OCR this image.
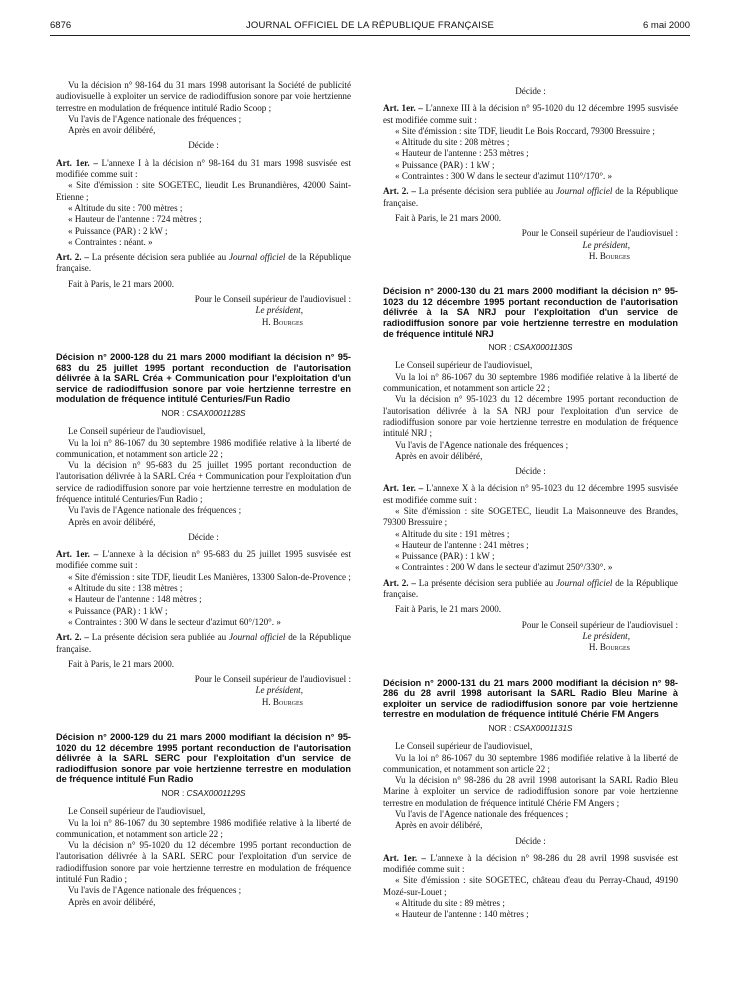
6876	JOURNAL OFFICIEL DE LA RÉPUBLIQUE FRANÇAISE	6 mai 2000

Vu la décision n° 98-164 du 31 mars 1998 autorisant la Société de publicité audiovisuelle à exploiter un service de radiodiffusion sonore par voie hertzienne terrestre en modulation de fréquence intitulé Radio Scoop ;

Vu l'avis de l'Agence nationale des fréquences ;

Après en avoir délibéré,

Décide :

Art. 1er. – L'annexe I à la décision n° 98-164 du 31 mars 1998 susvisée est modifiée comme suit :

« Site d'émission : site SOGETEC, lieudit Les Brunandières, 42000 Saint-Etienne ;

« Altitude du site : 700 mètres ;

« Hauteur de l'antenne : 724 mètres ;

« Puissance (PAR) : 2 kW ;

« Contraintes : néant. »

Art. 2. – La présente décision sera publiée au Journal officiel de la République française.

Fait à Paris, le 21 mars 2000.

Pour le Conseil supérieur de l'audiovisuel :

Le président,

H. Bourges

Décision n° 2000-128 du 21 mars 2000 modifiant la décision n° 95-683 du 25 juillet 1995 portant reconduction de l'autorisation délivrée à la SARL Créa + Communication pour l'exploitation d'un service de radiodiffusion sonore par voie hertzienne terrestre en modulation de fréquence intitulé Centuries/Fun Radio

NOR : CSAX0001128S

Le Conseil supérieur de l'audiovisuel,

Vu la loi n° 86-1067 du 30 septembre 1986 modifiée relative à la liberté de communication, et notamment son article 22 ;

Vu la décision n° 95-683 du 25 juillet 1995 portant reconduction de l'autorisation délivrée à la SARL Créa + Communication pour l'exploitation d'un service de radiodiffusion sonore par voie hertzienne terrestre en modulation de fréquence intitulé Centuries/Fun Radio ;

Vu l'avis de l'Agence nationale des fréquences ;

Après en avoir délibéré,

Décide :

Art. 1er. – L'annexe à la décision n° 95-683 du 25 juillet 1995 susvisée est modifiée comme suit :

« Site d'émission : site TDF, lieudit Les Manières, 13300 Salon-de-Provence ;

« Altitude du site : 138 mètres ;

« Hauteur de l'antenne : 148 mètres ;

« Puissance (PAR) : 1 kW ;

« Contraintes : 300 W dans le secteur d'azimut 60°/120°. »

Art. 2. – La présente décision sera publiée au Journal officiel de la République française.

Fait à Paris, le 21 mars 2000.

Pour le Conseil supérieur de l'audiovisuel :

Le président,

H. Bourges

Décision n° 2000-129 du 21 mars 2000 modifiant la décision n° 95-1020 du 12 décembre 1995 portant reconduction de l'autorisation délivrée à la SARL SERC pour l'exploitation d'un service de radiodiffusion sonore par voie hertzienne terrestre en modulation de fréquence intitulé Fun Radio

NOR : CSAX0001129S

Le Conseil supérieur de l'audiovisuel,

Vu la loi n° 86-1067 du 30 septembre 1986 modifiée relative à la liberté de communication, et notamment son article 22 ;

Vu la décision n° 95-1020 du 12 décembre 1995 portant reconduction de l'autorisation délivrée à la SARL SERC pour l'exploitation d'un service de radiodiffusion sonore par voie hertzienne terrestre en modulation de fréquence intitulé Fun Radio ;

Vu l'avis de l'Agence nationale des fréquences ;

Après en avoir délibéré,

Décide :

Art. 1er. – L'annexe III à la décision n° 95-1020 du 12 décembre 1995 susvisée est modifiée comme suit :

« Site d'émission : site TDF, lieudit Le Bois Roccard, 79300 Bressuire ;

« Altitude du site : 208 mètres ;

« Hauteur de l'antenne : 253 mètres ;

« Puissance (PAR) : 1 kW ;

« Contraintes : 300 W dans le secteur d'azimut 110°/170°. »

Art. 2. – La présente décision sera publiée au Journal officiel de la République française.

Fait à Paris, le 21 mars 2000.

Pour le Conseil supérieur de l'audiovisuel :

Le président,

H. Bourges

Décision n° 2000-130 du 21 mars 2000 modifiant la décision n° 95-1023 du 12 décembre 1995 portant reconduction de l'autorisation délivrée à la SA NRJ pour l'exploitation d'un service de radiodiffusion sonore par voie hertzienne terrestre en modulation de fréquence intitulé NRJ

NOR : CSAX0001130S

Le Conseil supérieur de l'audiovisuel,

Vu la loi n° 86-1067 du 30 septembre 1986 modifiée relative à la liberté de communication, et notamment son article 22 ;

Vu la décision n° 95-1023 du 12 décembre 1995 portant reconduction de l'autorisation délivrée à la SA NRJ pour l'exploitation d'un service de radiodiffusion sonore par voie hertzienne terrestre en modulation de fréquence intitulé NRJ ;

Vu l'avis de l'Agence nationale des fréquences ;

Après en avoir délibéré,

Décide :

Art. 1er. – L'annexe X à la décision n° 95-1023 du 12 décembre 1995 susvisée est modifiée comme suit :

« Site d'émission : site SOGETEC, lieudit La Maisonneuve des Brandes, 79300 Bressuire ;

« Altitude du site : 191 mètres ;

« Hauteur de l'antenne : 241 mètres ;

« Puissance (PAR) : 1 kW ;

« Contraintes : 200 W dans le secteur d'azimut 250°/330°. »

Art. 2. – La présente décision sera publiée au Journal officiel de la République française.

Fait à Paris, le 21 mars 2000.

Pour le Conseil supérieur de l'audiovisuel :

Le président,

H. Bourges

Décision n° 2000-131 du 21 mars 2000 modifiant la décision n° 98-286 du 28 avril 1998 autorisant la SARL Radio Bleu Marine à exploiter un service de radiodiffusion sonore par voie hertzienne terrestre en modulation de fréquence intitulé Chérie FM Angers

NOR : CSAX0001131S

Le Conseil supérieur de l'audiovisuel,

Vu la loi n° 86-1067 du 30 septembre 1986 modifiée relative à la liberté de communication, et notamment son article 22 ;

Vu la décision n° 98-286 du 28 avril 1998 autorisant la SARL Radio Bleu Marine à exploiter un service de radiodiffusion sonore par voie hertzienne terrestre en modulation de fréquence intitulé Chérie FM Angers ;

Vu l'avis de l'Agence nationale des fréquences ;

Après en avoir délibéré,

Décide :

Art. 1er. – L'annexe à la décision n° 98-286 du 28 avril 1998 susvisée est modifiée comme suit :

« Site d'émission : site SOGETEC, château d'eau du Perray-Chaud, 49190 Mozé-sur-Louet ;

« Altitude du site : 89 mètres ;

« Hauteur de l'antenne : 140 mètres ;
